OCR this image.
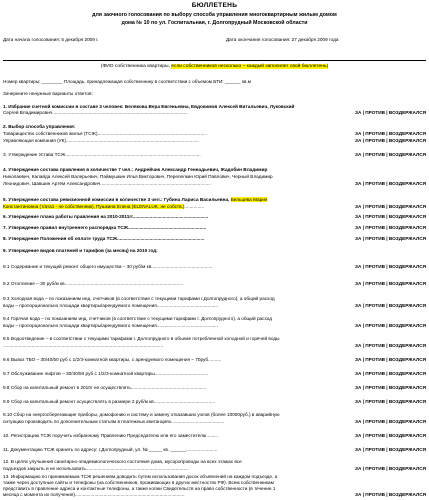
БЮЛЛЕТЕНЬ
для заочного голосования по выбору способа управления многоквартирным жилым домом
дома № 10 по ул. Госпитальная, г. Долгопрудный Московской области
Дата начала голосования: 5 декабря 2009 г.	Дата окончания голосования: 27 декабря 2009 года
(ФИО собственника квартиры, если собственников несколько – каждый заполняет свой бюллетень)
Номер квартиры: ________ Площадь, принадлежащая собственнику в соответствии с объемом БТИ: ______ кв.м
Зачеркните ненужные варианты ответов:
1. Избрание счетной комиссии в составе 3 человек: Белякова Вера Евгеньевна, Евдокимов Алексей Витальевич, Луковский
Сергей Владимирович........................................................................................................	ЗА | ПРОТИВ | ВОЗДЕРЖАЛСЯ
2. Выбор способа управления:
Товарищество собственников жилья (ТСЖ)....................................................................................	ЗА | ПРОТИВ | ВОЗДЕРЖАЛСЯ
Управляющая компания (УК)......................................................................................................	ЗА | ПРОТИВ | ВОЗДЕРЖАЛСЯ
3. Утверждение Устава ТСЖ........................................................................................................	ЗА | ПРОТИВ | ВОЗДЕРЖАЛСЯ
4. Утверждение состава правления в количестве 7 чел.: Андрейчик Александр Геннадьевич, Жадобин Владимир
Николаевич, Калайда Алексей Валерьевич, Паймушкин Илья Викторович, Перепелкин Юрий Павлович, Черный Владимир
Леонидович, Шавшин Артём Александрович.....................................................................................	ЗА | ПРОТИВ | ВОЗДЕРЖАЛСЯ
5. Утверждение состава ревизионной комиссии в количестве 3 чел.: Губина Лариса Васильевна, Бельцева Мария
Константиновна (т/ата1 - не собственник), Пушкина Елена (ELENALUK, не собств.)...............	ЗА | ПРОТИВ | ВОЗДЕРЖАЛСЯ
6. Утверждение плана работы правления на 2010-2011гг..........................................................	ЗА | ПРОТИВ | ВОЗДЕРЖАЛСЯ
7. Утверждение правил внутреннего распорядка ТСЖ............................................................	ЗА | ПРОТИВ | ВОЗДЕРЖАЛСЯ
8. Утверждение Положения об оплате труда ТСЖ...................................................................	ЗА | ПРОТИВ | ВОЗДЕРЖАЛСЯ
9. Утверждение видов платежей и тарифов (за месяц) на 2010 год:
9.1 Содержание и текущий ремонт общего имущества – 30 руб/м кв...............................................	ЗА | ПРОТИВ | ВОЗДЕРЖАЛСЯ
9.2 Отопление – 30 руб/м кв...........................................................................................	ЗА | ПРОТИВ | ВОЗДЕРЖАЛСЯ
9.3 Холодная вода – по показаниям инд. счетчиков (в соответствие с текущими тарифами г.Долгопрудного), а общий расход
воды – пропорционально площади квартиры/арендуемого помещения...............................................	ЗА | ПРОТИВ | ВОЗДЕРЖАЛСЯ
9.4 Горячая вода – по показаниям инд. счетчиков (в соответствие с текущими тарифами г. Долгопрудного), а общий расход
воды – пропорционально площади квартиры/арендуемого помещения...............................................	ЗА | ПРОТИВ | ВОЗДЕРЖАЛСЯ
9.5 Водоотведение – в соответствии с текущими тарифами г. Долгопрудного в объеме потребленной холодной и горячей воды
...........................................................................................................................	ЗА | ПРОТИВ | ВОЗДЕРЖАЛСЯ
9.6 Вывоз ТБО – 30/40/50 руб с 1/2/3-комнатной квартиры, с арендуемого помещения – 70руб..........	ЗА | ПРОТИВ | ВОЗДЕРЖАЛСЯ
9.7 Обслуживание лифтов – 30/40/50 руб с 1/2/3-комнатной квартиры.........................................	ЗА | ПРОТИВ | ВОЗДЕРЖАЛСЯ
9.8 Сбор на капитальный ремонт в 2010г не осуществлять..........................................................	ЗА | ПРОТИВ | ВОЗДЕРЖАЛСЯ
9.9 Сбор на капитальный ремонт осуществлять в размере 2 руб/м кв...............................................	ЗА | ПРОТИВ | ВОЗДЕРЖАЛСЯ
9.10 Сбор на энергосберегающие приборы, домофонию и систему и замену отказавших узлов (более 10000руб.) в аварийную
ситуацию производить по дополнительным статьям в платежных квитанциях.........................................	ЗА | ПРОТИВ | ВОЗДЕРЖАЛСЯ
10. Регистрацию ТСЖ поручить избранному Правлению Председателю или его заместителю.........	ЗА | ПРОТИВ | ВОЗДЕРЖАЛСЯ
11. Документацию ТСЖ хранить по адресу: г.Долгопрудный, ул. № _____ кв. ______........................	ЗА | ПРОТИВ | ВОЗДЕРЖАЛСЯ
12. В целях улучшения санитарно-эпидемиологического состояния дома, мусоропроводы на всех этажах все
подъездов закрыть и не использовать...............................................................................	ЗА | ПРОТИВ | ВОЗДЕРЖАЛСЯ
13. Информацию по принимаемым ТСЖ решениям доводить путем использования досок объявлений на каждом подъезде, а
также через доступные сайты и телефоны (на собственников, проживающих в других местностях РФ). Всем собственникам
представить в правление адреса и контактные телефоны, а также копии Свидетельств на право собственности (в течение 1
месяца с момента их получения)....................................................................................	ЗА | ПРОТИВ | ВОЗДЕРЖАЛСЯ
